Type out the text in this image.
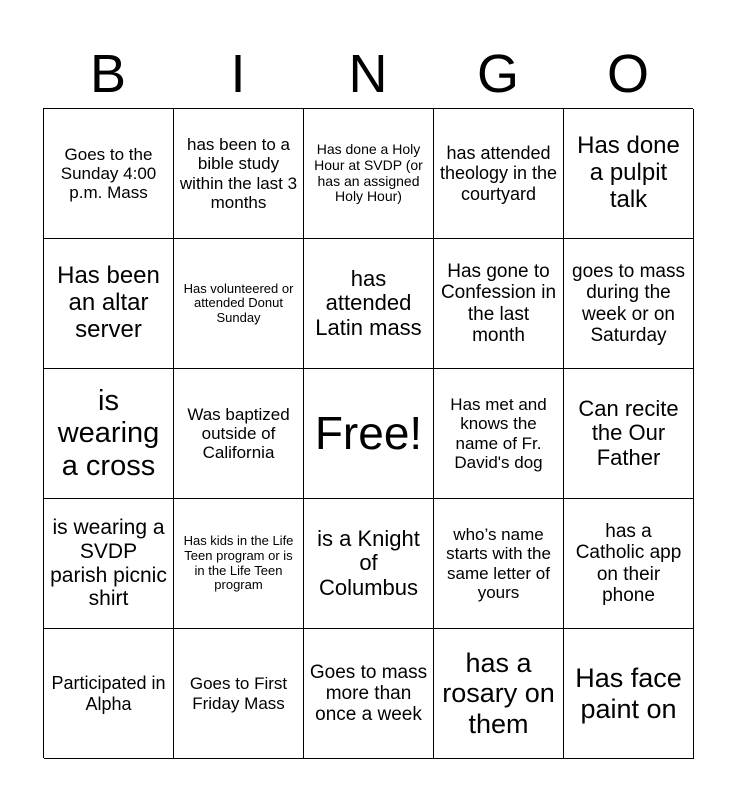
B	I	N	G	O
Goes to the Sunday 4:00 p.m. Mass
has been to a bible study within the last 3 months
Has done a Holy Hour at SVDP (or has an assigned Holy Hour)
has attended theology in the courtyard
Has done a pulpit talk
Has been an altar server
Has volunteered or attended Donut Sunday
has attended Latin mass
Has gone to Confession in the last month
goes to mass during the week or on Saturday
is wearing a cross
Was baptized outside of California Free!
Has met and knows the name of Fr. David's dog
Can recite the Our Father
is wearing a SVDP parish picnic shirt
Has kids in the Life Teen program or is in the Life Teen program
is a Knight of Columbus
who’s name starts with the same letter of yours
has a Catholic app on their phone
Participated in Alpha
Goes to First Friday Mass
Goes to mass more than once a week
has a rosary on them
Has face paint on
